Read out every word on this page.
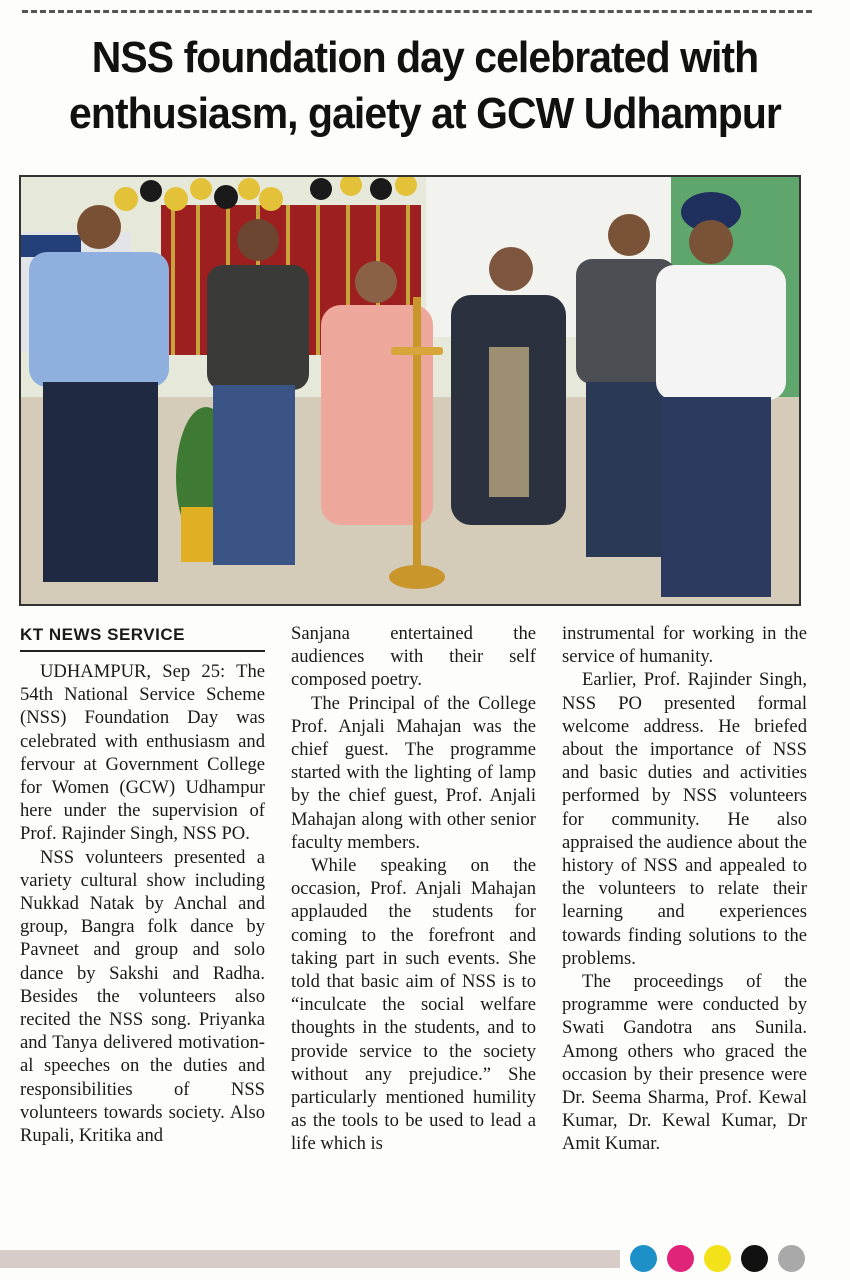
NSS foundation day celebrated with
enthusiasm, gaiety at GCW Udhampur
KT NEWS SERVICE

UDHAMPUR, Sep 25: The 54th National Service Scheme (NSS) Foundation Day was celebrated with enthusiasm and fervour at Government College for Women (GCW) Udhampur here under the supervision of Prof. Rajinder Singh, NSS PO.

NSS volunteers presented a variety cultural show including Nukkad Natak by Anchal and group, Bangra folk dance by Pavneet and group and solo dance by Sakshi and Radha. Besides the volunteers also recited the NSS song. Priyanka and Tanya delivered motivational speeches on the duties and responsibilities of NSS volunteers towards society. Also Rupali, Kritika and

Sanjana entertained the audiences with their self composed poetry.

The Principal of the College Prof. Anjali Mahajan was the chief guest. The programme started with the lighting of lamp by the chief guest, Prof. Anjali Mahajan along with other senior faculty members.

While speaking on the occasion, Prof. Anjali Mahajan applauded the students for coming to the forefront and taking part in such events. She told that basic aim of NSS is to “inculcate the social welfare thoughts in the students, and to provide service to the society without any prejudice.” She particularly mentioned humility as the tools to be used to lead a life which is

instrumental for working in the service of humanity.

Earlier, Prof. Rajinder Singh, NSS PO presented formal welcome address. He briefed about the importance of NSS and basic duties and activities performed by NSS volunteers for community. He also appraised the audience about the history of NSS and appealed to the volunteers to relate their learning and experiences towards finding solutions to the problems.

The proceedings of the programme were conducted by Swati Gandotra ans Sunila. Among others who graced the occasion by their presence were Dr. Seema Sharma, Prof. Kewal Kumar, Dr. Kewal Kumar, Dr Amit Kumar.
